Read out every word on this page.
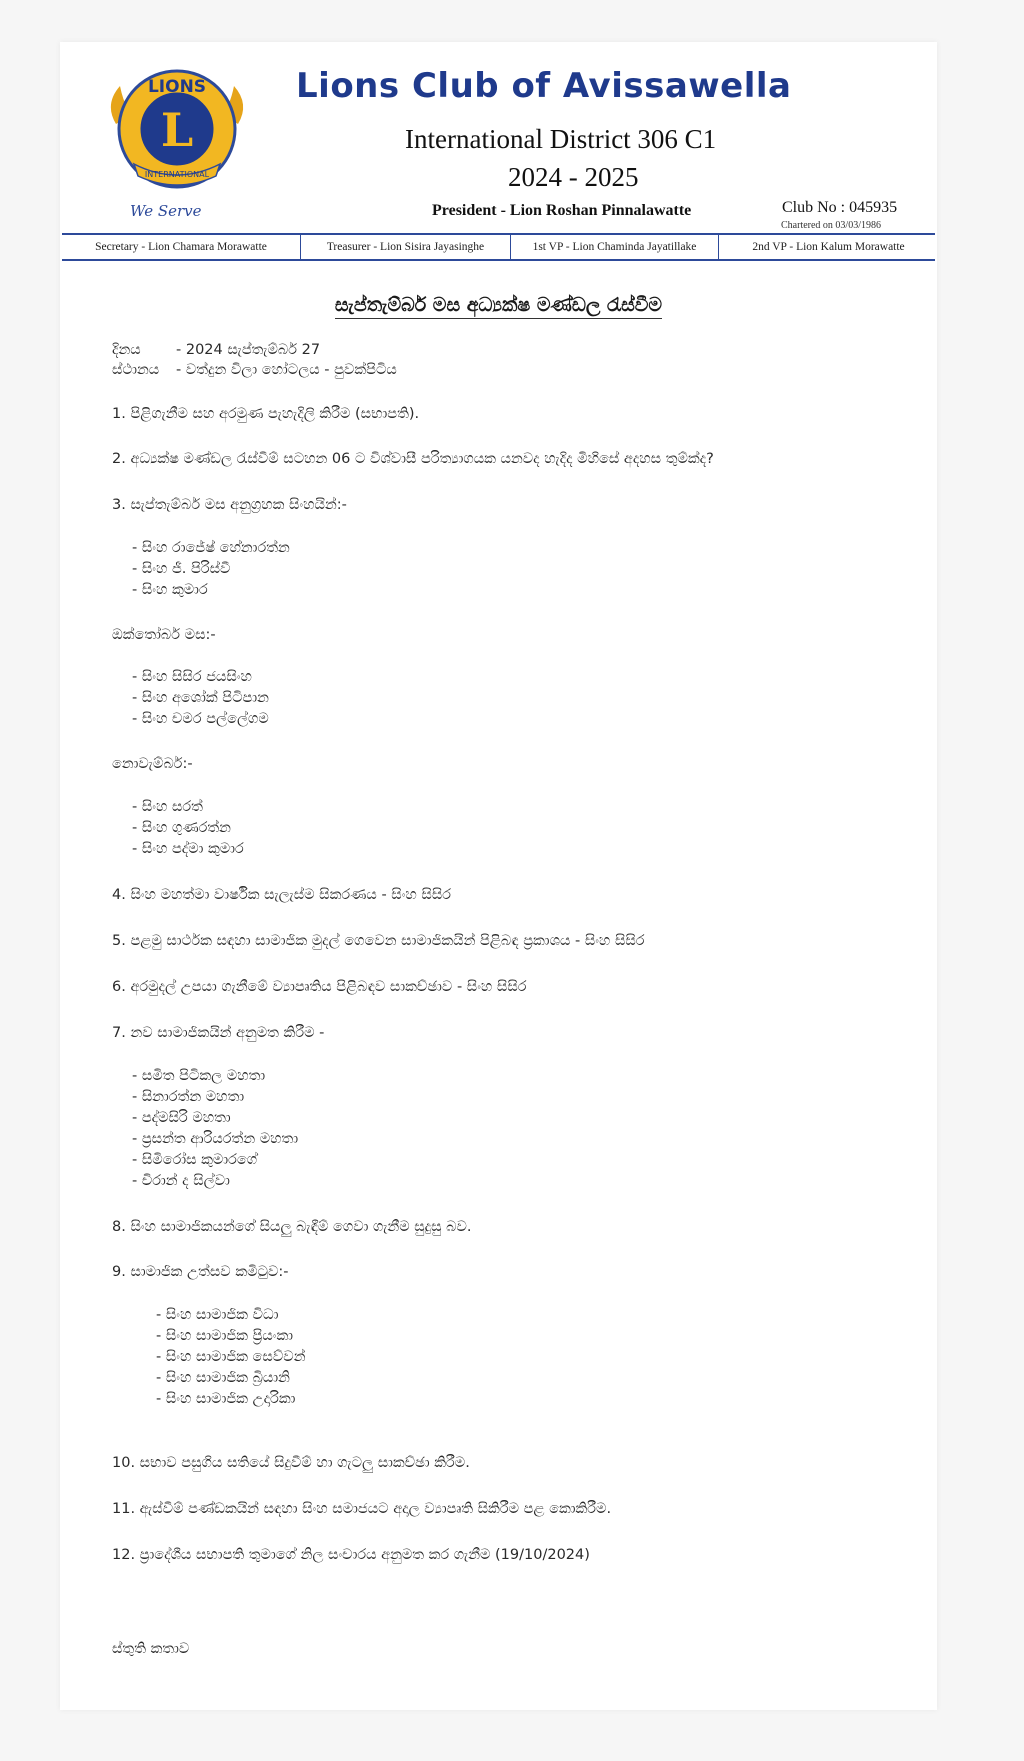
LIONS
L
INTERNATIONAL
We Serve
Lions Club of Avissawella
International District 306 C1
2024 - 2025
President - Lion Roshan Pinnalawatte	Club No : 045935
Chartered on 03/03/1986
Secretary - Lion Chamara Morawatte	Treasurer - Lion Sisira Jayasinghe	1st VP - Lion Chaminda Jayatillake	2nd VP - Lion Kalum Morawatte
සැප්තැම්බර් මස අධ්‍යක්ෂ මණ්ඩල රැස්වීම
දිනය - 2024 සැප්තැම්බර් 27
ස්ථානය - වත්දුන විලා හෝටලය - පුවක්පිටිය
1. පිළිගැනීම සහ අරමුණ පැහැදිලි කිරීම (සභාපති).
2. අධ්‍යක්ෂ මණ්ඩල රැස්වීම් සටහන 06 ට විශ්වාසී පරිත්‍යාගයක යනවද හැදිද මිහිසේ අදහස තුම්ක්ද?
3. සැප්තැම්බර් මස අනුග්‍රහක සිංහයින්:-
- සිංහ රාජේෂ් හේනාරත්න
- සිංහ ජී. පිරිස්වී
- සිංහ කුමාර
ඔක්තෝබර් මස:-
- සිංහ සිසිර ජයසිංහ
- සිංහ අශෝක් පිටිපාන
- සිංහ චමර පල්ලේගම
නොවැම්බර්:-
- සිංහ සරත්
- සිංහ ගුණරත්න
- සිංහ පද්මා කුමාර
4. සිංහ මහත්මා වාර්ෂික සැලැස්ම සිකරණය - සිංහ සිසිර
5. පළමු සාර්ථක සඳහා සාමාජික මුදල් ගෙවෙන සාමාජිකයින් පිළිබඳ ප්‍රකාශය - සිංහ සිසිර
6. අරමුදල් උපයා ගැනීමේ ව්‍යාපෘතිය පිළිබඳව සාකච්ඡාව - සිංහ සිසිර
7. නව සාමාජිකයින් අනුමත කිරීම -
- සමිත පිටිකල මහතා
- සිනාරත්න මහතා
- පද්මසිරි මහතා
- ප්‍රසන්ත ආරියරත්න මහතා
- සිමිරෝස කුමාරගේ
- චිරාන් ද සිල්වා
8. සිංහ සාමාජිකයන්ගේ සියලු බැඳීම් ගෙවා ගැනීම සුදුසු බව.
9. සාමාජික උත්සව කමිටුව:-
- සිංහ සාමාජික විධා
- සිංහ සාමාජික ප්‍රියංකා
- සිංහ සාමාජික සෙව්වන්
- සිංහ සාමාජික බ්‍රියානි
- සිංහ සාමාජික උදාරිකා
10. සභාව පසුගිය සතියේ සිදුවීම් හා ගැටලු සාකච්ඡා කිරීම.
11. ඇස්වීම් පණ්ඩකයින් සඳහා සිංහ සමාජයට අදාල ව්‍යාපෘති සිකිරීම පළ කොකිරීම.
12. ප්‍රාදේශීය සභාපති තුමාගේ නිල සංචාරය අනුමත කර ගැනීම (19/10/2024)
ස්තුති කතාව
